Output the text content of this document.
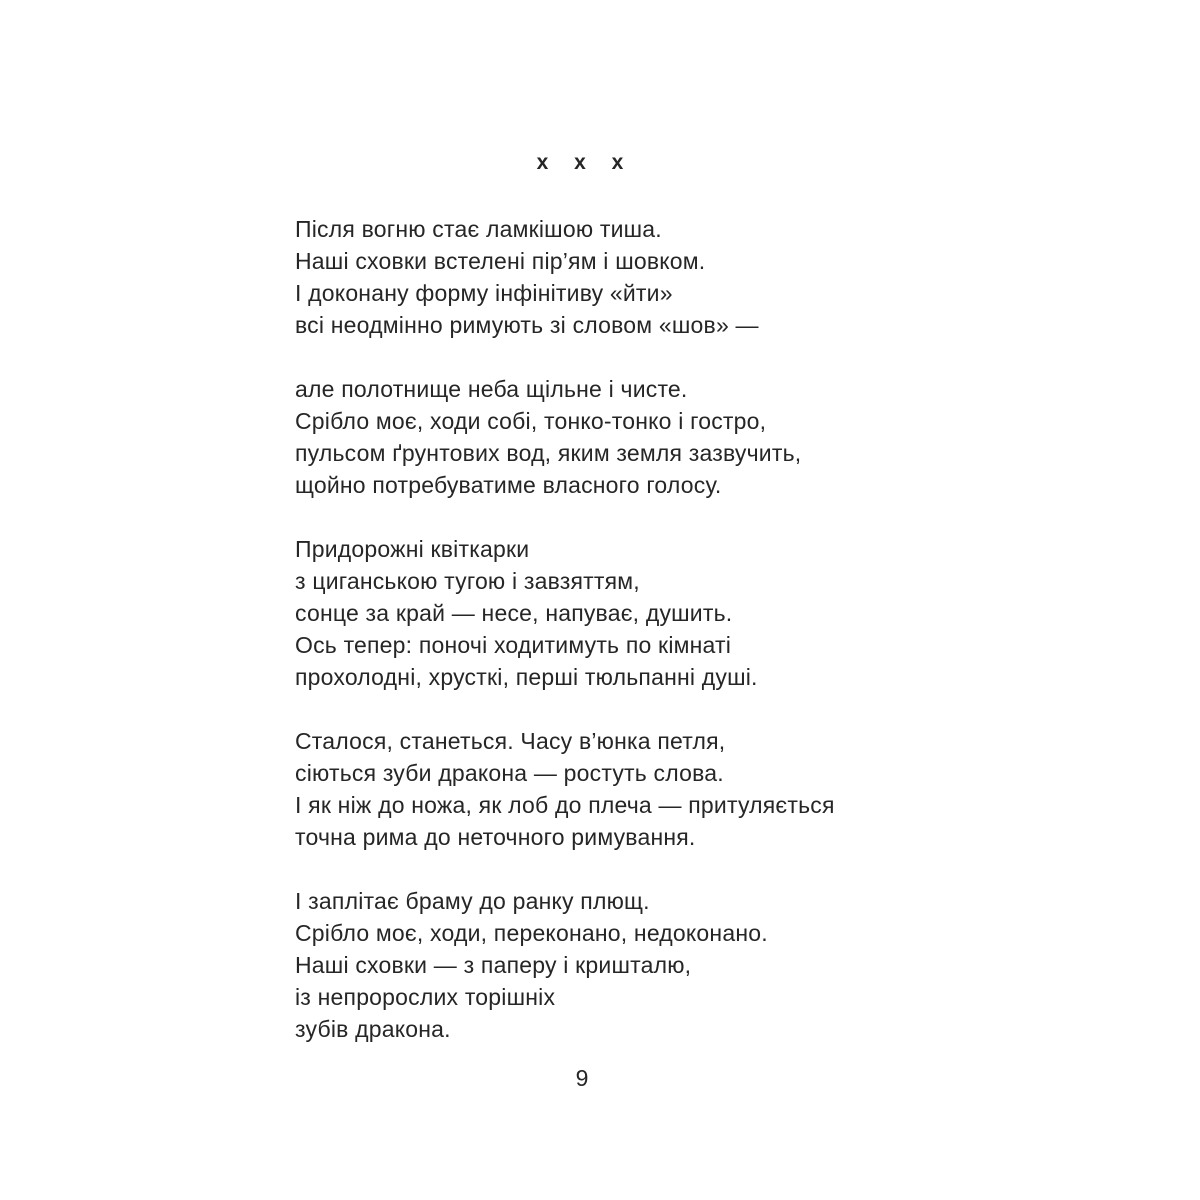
x x x
Після вогню стає ламкішою тиша.
Наші сховки встелені пір’ям і шовком.
І доконану форму інфінітиву «йти»
всі неодмінно римують зі словом «шов» —
але полотнище неба щільне і чисте.
Срібло моє, ходи собі, тонко-тонко і гостро,
пульсом ґрунтових вод, яким земля зазвучить,
щойно потребуватиме власного голосу.
Придорожні квіткарки
з циганською тугою і завзяттям,
сонце за край — несе, напуває, душить.
Ось тепер: поночі ходитимуть по кімнаті
прохолодні, хрусткі, перші тюльпанні душі.
Сталося, станеться. Часу в’юнка петля,
сіються зуби дракона — ростуть слова.
І як ніж до ножа, як лоб до плеча — притуляється
точна рима до неточного римування.
І заплітає браму до ранку плющ.
Срібло моє, ходи, переконано, недоконано.
Наші сховки — з паперу і кришталю,
із непророслих торішніх
зубів дракона.
9
